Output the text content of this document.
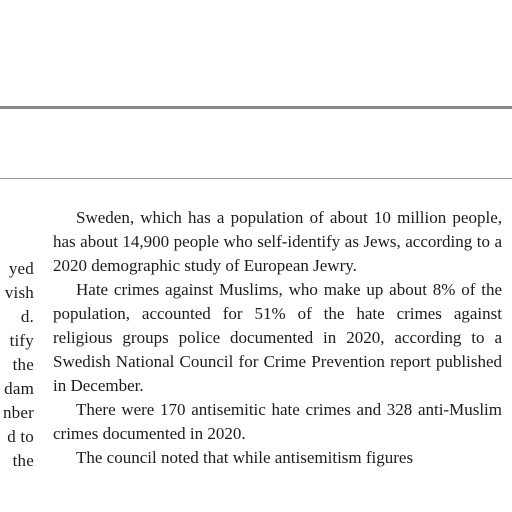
yed
vish
d.
tify
the
dam
nber
d to
the

Sweden, which has a population of about 10 million people, has about 14,900 people who self-identify as Jews, according to a 2020 demographic study of European Jewry.

Hate crimes against Muslims, who make up about 8% of the population, accounted for 51% of the hate crimes against religious groups police documented in 2020, according to a Swedish National Council for Crime Prevention report published in December.

There were 170 antisemitic hate crimes and 328 anti-Muslim crimes documented in 2020.

The council noted that while antisemitism figures
